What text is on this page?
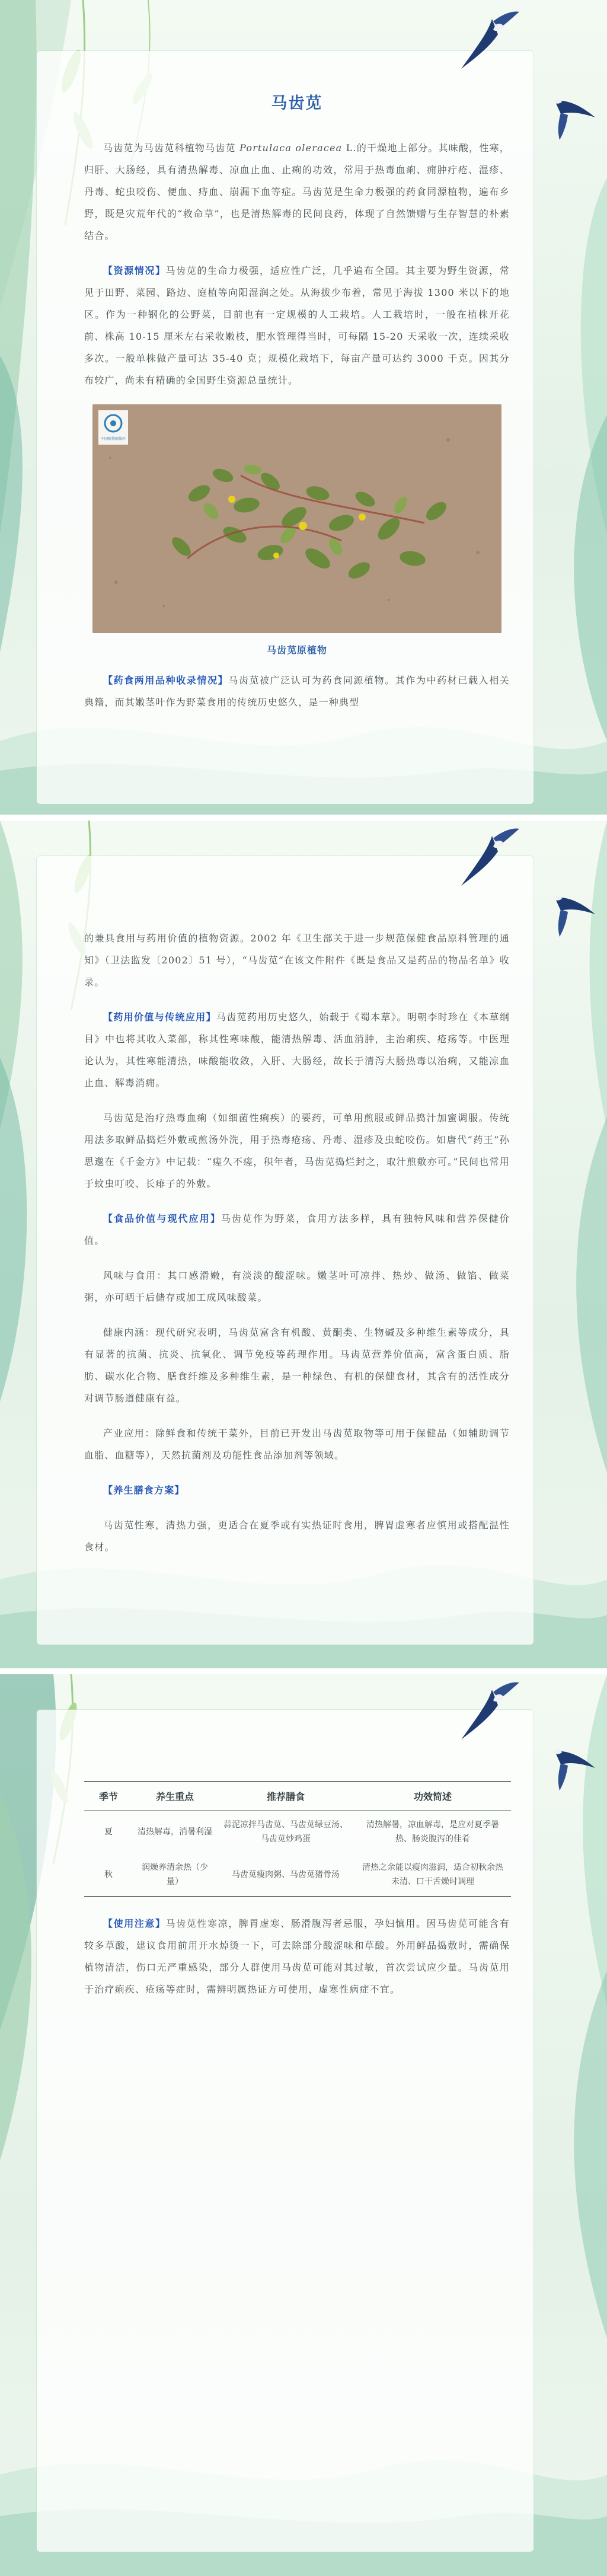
马齿苋

马齿苋为马齿苋科植物马齿苋 Portulaca oleracea L.的干燥地上部分。其味酸，性寒，归肝、大肠经，具有清热解毒、凉血止血、止痢的功效，常用于热毒血痢、痈肿疔疮、湿疹、丹毒、蛇虫咬伤、便血、痔血、崩漏下血等症。马齿苋是生命力极强的药食同源植物，遍布乡野，既是灾荒年代的“救命草”，也是清热解毒的民间良药，体现了自然馈赠与生存智慧的朴素结合。

【资源情况】马齿苋的生命力极强，适应性广泛，几乎遍布全国。其主要为野生资源，常见于田野、菜园、路边、庭植等向阳湿润之处。从海拔少布着，常见于海拔 1300 米以下的地区。作为一种钢化的公野菜，目前也有一定规模的人工栽培。人工栽培时，一般在植株开花前、株高 10-15 厘米左右采收嫩枝，肥水管理得当时，可每隔 15-20 天采收一次，连续采收多次。一般单株做产量可达 35-40 克；规模化栽培下，每亩产量可达约 3000 千克。因其分布较广，尚未有精确的全国野生资源总量统计。

中国植物图像库

马齿苋原植物

【药食两用品种收录情况】马齿苋被广泛认可为药食同源植物。其作为中药材已载入相关典籍，而其嫩茎叶作为野菜食用的传统历史悠久，是一种典型

的兼具食用与药用价值的植物资源。2002 年《卫生部关于进一步规范保健食品原料管理的通知》（卫法监发〔2002〕51 号），“马齿苋”在该文件附件《既是食品又是药品的物品名单》收录。

【药用价值与传统应用】马齿苋药用历史悠久，始载于《蜀本草》。明朝李时珍在《本草纲目》中也将其收入菜部，称其性寒味酸，能清热解毒、活血消肿，主治痢疾、疮疡等。中医理论认为，其性寒能清热，味酸能收敛，入肝、大肠经，故长于清泻大肠热毒以治痢，又能凉血止血、解毒消痈。

马齿苋是治疗热毒血痢（如细菌性痢疾）的要药，可单用煎服或鲜品捣汁加蜜调服。传统用法多取鲜品捣烂外敷或煎汤外洗，用于热毒疮疡、丹毒、湿疹及虫蛇咬伤。如唐代“药王”孙思邈在《千金方》中记载：“瘥久不瘥，积年者，马齿苋捣烂封之，取汁煎敷亦可。”民间也常用于蚊虫叮咬、长痱子的外敷。

【食品价值与现代应用】马齿苋作为野菜，食用方法多样，具有独特风味和营养保健价值。

风味与食用：其口感滑嫩，有淡淡的酸涩味。嫩茎叶可凉拌、热炒、做汤、做馅、做菜粥，亦可晒干后储存或加工成风味酸菜。

健康内涵：现代研究表明，马齿苋富含有机酸、黄酮类、生物碱及多种维生素等成分，具有显著的抗菌、抗炎、抗氧化、调节免疫等药理作用。马齿苋营养价值高，富含蛋白质、脂肪、碳水化合物、膳食纤维及多种维生素，是一种绿色、有机的保健食材，其含有的活性成分对调节肠道健康有益。

产业应用：除鲜食和传统干菜外，目前已开发出马齿苋取物等可用于保健品（如辅助调节血脂、血糖等），天然抗菌剂及功能性食品添加剂等领域。

【养生膳食方案】

马齿苋性寒，清热力强，更适合在夏季或有实热证时食用，脾胃虚寒者应慎用或搭配温性食材。

季节	养生重点	推荐膳食	功效简述
夏	清热解毒，消暑利湿	蒜泥凉拌马齿苋、马齿苋绿豆汤、马齿苋炒鸡蛋	清热解暑，凉血解毒，是应对夏季暑热、肠炎腹泻的佳肴
秋	润燥养清余热（少量）	马齿苋瘦肉粥、马齿苋猪骨汤	清热之余能以瘦肉滋润，适合初秋余热未清、口干舌燥时调理

【使用注意】马齿苋性寒凉，脾胃虚寒、肠滑腹泻者忌服，孕妇慎用。因马齿苋可能含有较多草酸，建议食用前用开水焯烫一下，可去除部分酸涩味和草酸。外用鲜品捣敷时，需确保植物清洁，伤口无严重感染，部分人群使用马齿苋可能对其过敏，首次尝试应少量。马齿苋用于治疗痢疾、疮疡等症时，需辨明属热证方可使用，虚寒性病症不宜。
